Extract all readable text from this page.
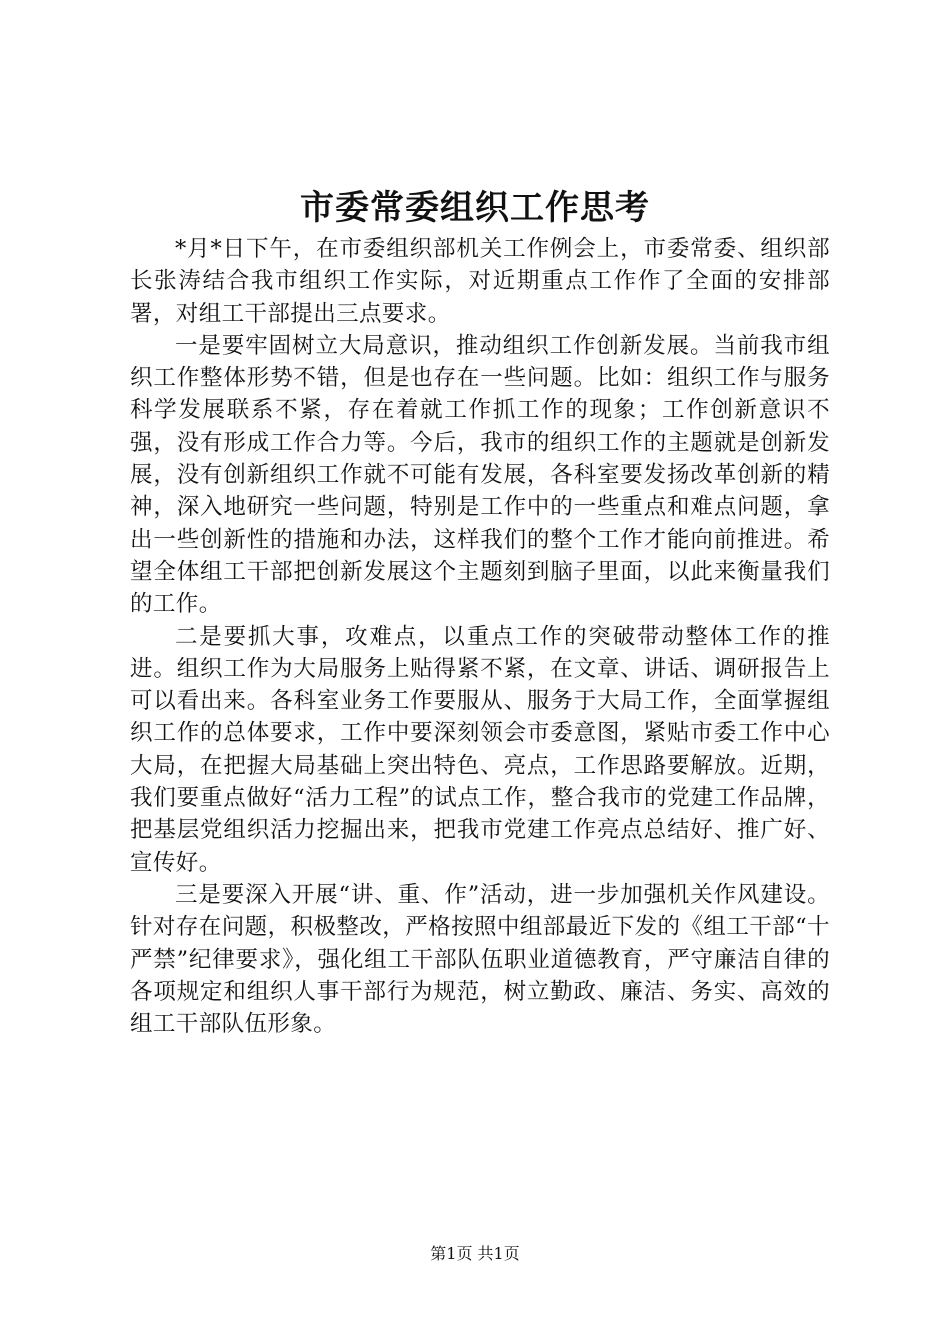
市委常委组织工作思考

*月*日下午，在市委组织部机关工作例会上，市委常委、组织部长张涛结合我市组织工作实际，对近期重点工作作了全面的安排部署，对组工干部提出三点要求。

一是要牢固树立大局意识，推动组织工作创新发展。当前我市组织工作整体形势不错，但是也存在一些问题。比如：组织工作与服务科学发展联系不紧，存在着就工作抓工作的现象；工作创新意识不强，没有形成工作合力等。今后，我市的组织工作的主题就是创新发展，没有创新组织工作就不可能有发展，各科室要发扬改革创新的精神，深入地研究一些问题，特别是工作中的一些重点和难点问题，拿出一些创新性的措施和办法，这样我们的整个工作才能向前推进。希望全体组工干部把创新发展这个主题刻到脑子里面，以此来衡量我们的工作。

二是要抓大事，攻难点，以重点工作的突破带动整体工作的推进。组织工作为大局服务上贴得紧不紧，在文章、讲话、调研报告上可以看出来。各科室业务工作要服从、服务于大局工作，全面掌握组织工作的总体要求，工作中要深刻领会市委意图，紧贴市委工作中心大局，在把握大局基础上突出特色、亮点，工作思路要解放。近期，我们要重点做好“活力工程”的试点工作，整合我市的党建工作品牌，把基层党组织活力挖掘出来，把我市党建工作亮点总结好、推广好、宣传好。

三是要深入开展“讲、重、作”活动，进一步加强机关作风建设。针对存在问题，积极整改，严格按照中组部最近下发的《组工干部“十严禁”纪律要求》，强化组工干部队伍职业道德教育，严守廉洁自律的各项规定和组织人事干部行为规范，树立勤政、廉洁、务实、高效的组工干部队伍形象。

第1页 共1页
